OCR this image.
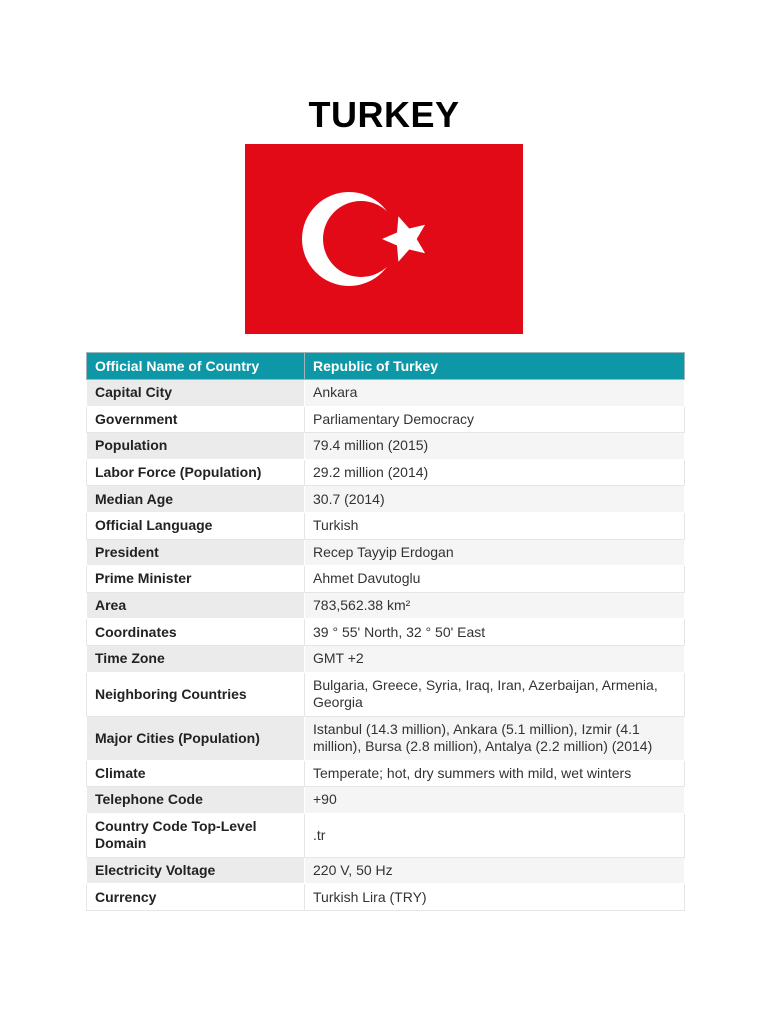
TURKEY
Official Name of Country	Republic of Turkey
Capital City	Ankara
Government	Parliamentary Democracy
Population	79.4 million (2015)
Labor Force (Population)	29.2 million (2014)
Median Age	30.7 (2014)
Official Language	Turkish
President	Recep Tayyip Erdogan
Prime Minister	Ahmet Davutoglu
Area	783,562.38 km²
Coordinates	39 ° 55' North, 32 ° 50' East
Time Zone	GMT +2
Neighboring Countries	Bulgaria, Greece, Syria, Iraq, Iran, Azerbaijan, Armenia, Georgia
Major Cities (Population)	Istanbul (14.3 million), Ankara (5.1 million), Izmir (4.1 million), Bursa (2.8 million), Antalya (2.2 million) (2014)
Climate	Temperate; hot, dry summers with mild, wet winters
Telephone Code	+90
Country Code Top-Level Domain	.tr
Electricity Voltage	220 V, 50 Hz
Currency	Turkish Lira (TRY)
